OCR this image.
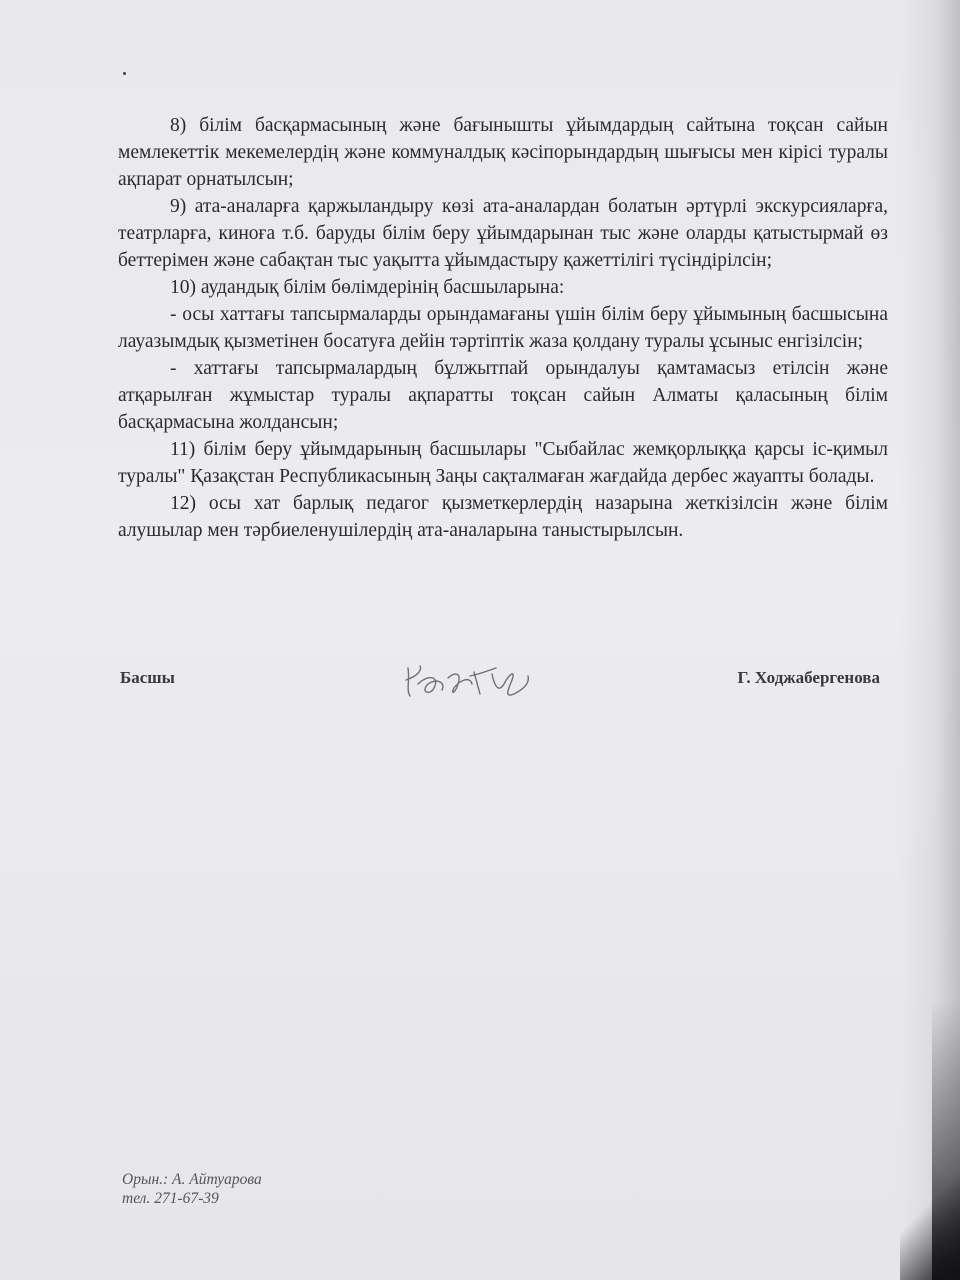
8) білім басқармасының және бағынышты ұйымдардың сайтына тоқсан сайын мемлекеттік мекемелердің және коммуналдық кәсіпорындардың шығысы мен кірісі туралы ақпарат орнатылсын;

9) ата-аналарға қаржыландыру көзі ата-аналардан болатын әртүрлі экскурсияларға, театрларға, киноға т.б. баруды білім беру ұйымдарынан тыс және оларды қатыстырмай өз беттерімен және сабақтан тыс уақытта ұйымдастыру қажеттілігі түсіндірілсін;

10) аудандық білім бөлімдерінің басшыларына:

- осы хаттағы тапсырмаларды орындамағаны үшін білім беру ұйымының басшысына лауазымдық қызметінен босатуға дейін тәртіптік жаза қолдану туралы ұсыныс енгізілсін;

- хаттағы тапсырмалардың бұлжытпай орындалуы қамтамасыз етілсін және атқарылған жұмыстар туралы ақпаратты тоқсан сайын Алматы қаласының білім басқармасына жолдансын;

11) білім беру ұйымдарының басшылары "Сыбайлас жемқорлыққа қарсы іс-қимыл туралы" Қазақстан Республикасының Заңы сақталмаған жағдайда дербес жауапты болады.

12) осы хат барлық педагог қызметкерлердің назарына жеткізілсін және білім алушылар мен тәрбиеленушілердің ата-аналарына таныстырылсын.

Басшы	Г. Ходжабергенова
Орын.: А. Айтуарова
тел. 271-67-39
